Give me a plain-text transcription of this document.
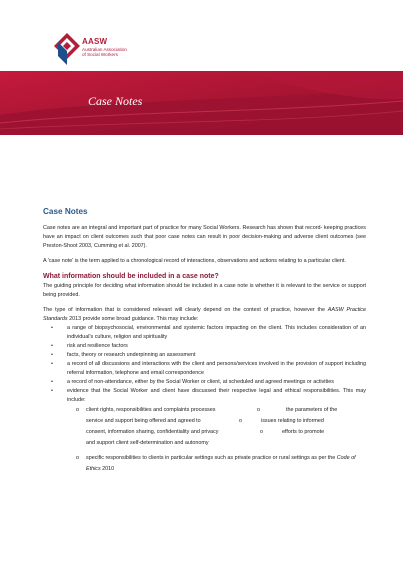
AASW
Australian Association
of Social Workers
Case Notes
Case Notes

Case notes are an integral and important part of practice for many Social Workers. Research has shown that record- keeping practices have an impact on client outcomes such that poor case notes can result in poor decision-making and adverse client outcomes (see Preston-Shoot 2003, Cumming et al. 2007).

A 'case note' is the term applied to a chronological record of interactions, observations and actions relating to a particular client.

What information should be included in a case note?

The guiding principle for deciding what information should be included in a case note is whether it is relevant to the service or support being provided.

The type of information that is considered relevant will clearly depend on the context of practice, however the AASW Practice Standards 2013 provide some broad guidance. This may include:

•	a range of biopsychosocial, environmental and systemic factors impacting on the client. This includes consideration of an individual's culture, religion and spirituality
•	risk and resilience factors
•	facts, theory or research underpinning an assessment
•	a record of all discussions and interactions with the client and persons/services involved in the provision of support including referral information, telephone and email correspondence
•	a record of non-attendance, either by the Social Worker or client, at scheduled and agreed meetings or activities
•	evidence that the Social Worker and client have discussed their respective legal and ethical responsibilities. This may include:
o client rights, responsibilities and complaints processes	o	the parameters of the
service and support being offered and agreed to	o	issues relating to informed
consent, information sharing, confidentiality and privacy	o	efforts to promote
and support client self-determination and autonomy
o specific responsibilities to clients in particular settings such as private practice or rural settings as per the Code of Ethics 2010
